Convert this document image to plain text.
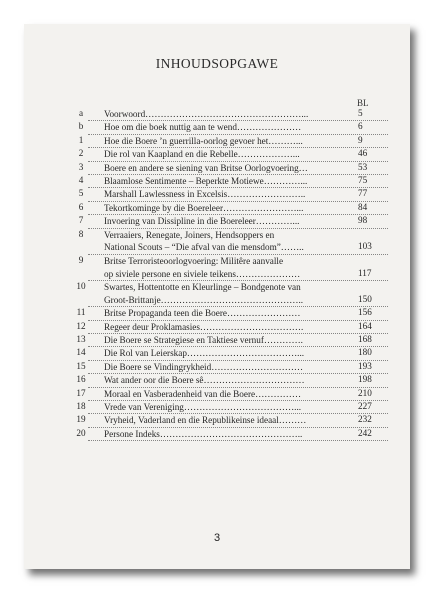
INHOUDSOPGAWE
BL
a	Voorwoord……………………………………………...	5
b	Hoe om die boek nuttig aan te wend…………………	6
1	Hoe die Boere ’n guerrilla-oorlog gevoer het………...	9
2	Die rol van Kaapland en die Rebelle………………...	46
3	Boere en andere se siening van Britse Oorlogvoering…	53
4	Blaamlose Sentimente – Beperkte Motiewe…………...	75
5	Marshall Lawlessness in Excelsis……………………..	77
6	Tekortkominge by die Boereleer……………………...	84
7	Invoering van Dissipline in die Boereleer…………...	98
8	Verraaiers, Renegate, Joiners, Hendsoppers en
National Scouts – “Die afval van die mensdom”……..	103
9	Britse Terroristeoorlogvoering: Militêre aanvalle
op siviele persone en siviele teikens…………………	117
10 Swartes, Hottentotte en Kleurlinge – Bondgenote van
Groot-Brittanje………………………………………..	150
11 Britse Propaganda teen die Boere……………………	156
12 Regeer deur Proklamasies…………………………….	164
13 Die Boere se Strategiese en Taktiese vernuf………….	168
14 Die Rol van Leierskap………………………………...	180
15 Die Boere se Vindingrykheid…………………………	193
16 Wat ander oor die Boere sê……………………………	198
17 Moraal en Vasberadenheid van die Boere……………	210
18 Vrede van Vereniging………………………………...	227
19 Vryheid, Vaderland en die Republikeinse ideaal………	232
20 Persone Indeks………………………………………..	242
3
